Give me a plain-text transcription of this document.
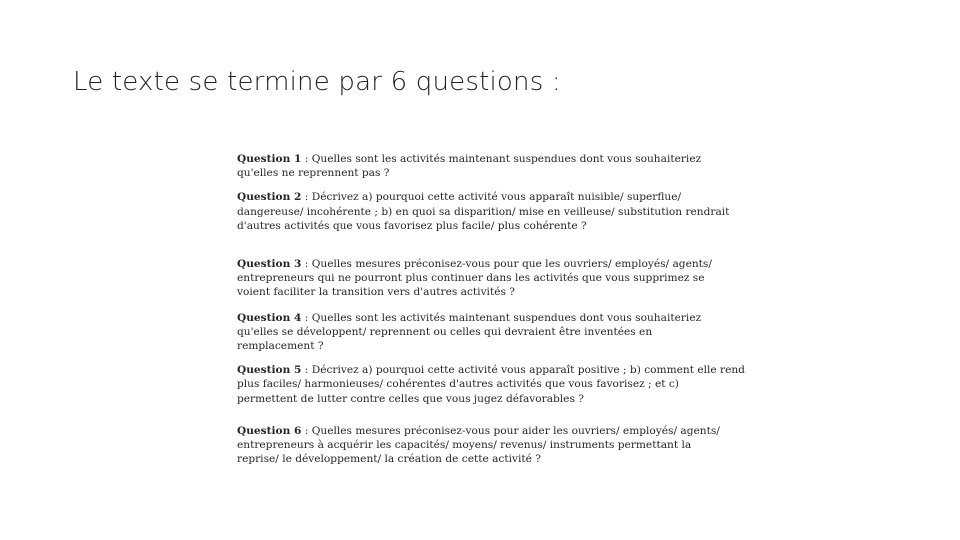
Le texte se termine par 6 questions :

Question 1 : Quelles sont les activités maintenant suspendues dont vous souhaiteriez
qu'elles ne reprennent pas ?

Question 2 : Décrivez a) pourquoi cette activité vous apparaît nuisible/ superflue/
dangereuse/ incohérente ; b) en quoi sa disparition/ mise en veilleuse/ substitution rendrait
d'autres activités que vous favorisez plus facile/ plus cohérente ?

Question 3 : Quelles mesures préconisez-vous pour que les ouvriers/ employés/ agents/
entrepreneurs qui ne pourront plus continuer dans les activités que vous supprimez se
voient faciliter la transition vers d'autres activités ?

Question 4 : Quelles sont les activités maintenant suspendues dont vous souhaiteriez
qu'elles se développent/ reprennent ou celles qui devraient être inventées en
remplacement ?

Question 5 : Décrivez a) pourquoi cette activité vous apparaît positive ; b) comment elle rend
plus faciles/ harmonieuses/ cohérentes d'autres activités que vous favorisez ; et c)
permettent de lutter contre celles que vous jugez défavorables ?

Question 6 : Quelles mesures préconisez-vous pour aider les ouvriers/ employés/ agents/
entrepreneurs à acquérir les capacités/ moyens/ revenus/ instruments permettant la
reprise/ le développement/ la création de cette activité ?
